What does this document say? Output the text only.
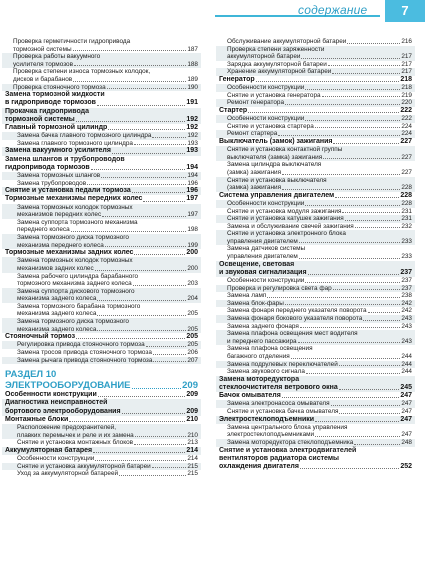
содержание	7
Проверка герметичности гидропривода
тормозной системы	187
Проверка работы вакуумного
усилителя тормозов	188
Проверка степени износа тормозных колодок,
дисков и барабанов	189
Проверка стояночного тормоза	190
Замена тормозной жидкости
в гидроприводе тормозов	191
Прокачка гидропривода
тормозной системы	192
Главный тормозной цилиндр	192
Замена бачка главного тормозного цилиндра	192
Замена главного тормозного цилиндра	193
Замена вакуумного усилителя	193
Замена шлангов и трубопроводов
гидропривода тормозов	194
Замена тормозных шлангов	194
Замена трубопроводов	196
Снятие и установка педали тормоза	196
Тормозные механизмы передних колес	197
Замена тормозных колодок тормозных
механизмов передних колес	197
Замена суппорта тормозного механизма
переднего колеса	198
Замена тормозного диска тормозного
механизма переднего колеса	199
Тормозные механизмы задних колес	200
Замена тормозных колодок тормозных
механизмов задних колес	200
Замена рабочего цилиндра барабанного
тормозного механизма заднего колеса	203
Замена суппорта дискового тормозного
механизма заднего колеса	204
Замена тормозного барабана тормозного
механизма заднего колеса	205
Замена тормозного диска тормозного
механизма заднего колеса	205
Стояночный тормоз	205
Регулировка привода стояночного тормоза	205
Замена тросов привода стояночного тормоза	206
Замена рычага привода стояночного тормоза	207
РАЗДЕЛ 10
ЭЛЕКТРООБОРУДОВАНИЕ	209
Особенности конструкции	209
Диагностика неисправностей
бортового электрооборудования	209
Монтажные блоки	210
Расположение предохранителей,
плавких перемычек и реле и их замена	210
Снятие и установка монтажных блоков	213
Аккумуляторная батарея	214
Особенности конструкции	214
Снятие и установка аккумуляторной батареи	215
Уход за аккумуляторной батареей	215
Обслуживание аккумуляторной батареи	216
Проверка степени заряженности
аккумуляторной батареи	217
Зарядка аккумуляторной батареи	217
Хранение аккумуляторной батареи	217
Генератор	218
Особенности конструкции	218
Снятие и установка генератора	219
Ремонт генератора	220
Стартер	222
Особенности конструкции	222
Снятие и установка стартера	224
Ремонт стартера	224
Выключатель (замок) зажигания	227
Снятие и установка контактной группы
выключателя (замка) зажигания	227
Замена цилиндра выключателя
(замка) зажигания	227
Снятие и установка выключателя
(замка) зажигания	228
Система управления двигателем	228
Особенности конструкции	228
Снятие и установка модуля зажигания	231
Снятие и установка катушек зажигания	231
Замена и обслуживание свечей зажигания	232
Снятие и установка электронного блока
управления двигателем	233
Замена датчиков системы
управления двигателем	233
Освещение, световая
и звуковая сигнализация	237
Особенности конструкции	237
Проверка и регулировка света фар	237
Замена ламп	238
Замена блок-фары	242
Замена фонаря переднего указателя поворота	242
Замена фонаря бокового указателя поворота	243
Замена заднего фонаря	243
Замена плафона освещения мест водителя
и переднего пассажира	243
Замена плафона освещения
багажного отделения	244
Замена подрулевых переключателей	244
Замена звукового сигнала	244
Замена моторедуктора
стеклоочистителя ветрового окна	245
Бачок омывателя	247
Замена электронасоса омывателя	247
Снятие и установка бачка омывателя	247
Электростеклоподъемники	247
Замена центрального блока управления
электростеклоподъемниками	247
Замена моторедуктора стеклоподъемника	248
Снятие и установка электродвигателей
вентиляторов радиатора системы
охлаждения двигателя	252
